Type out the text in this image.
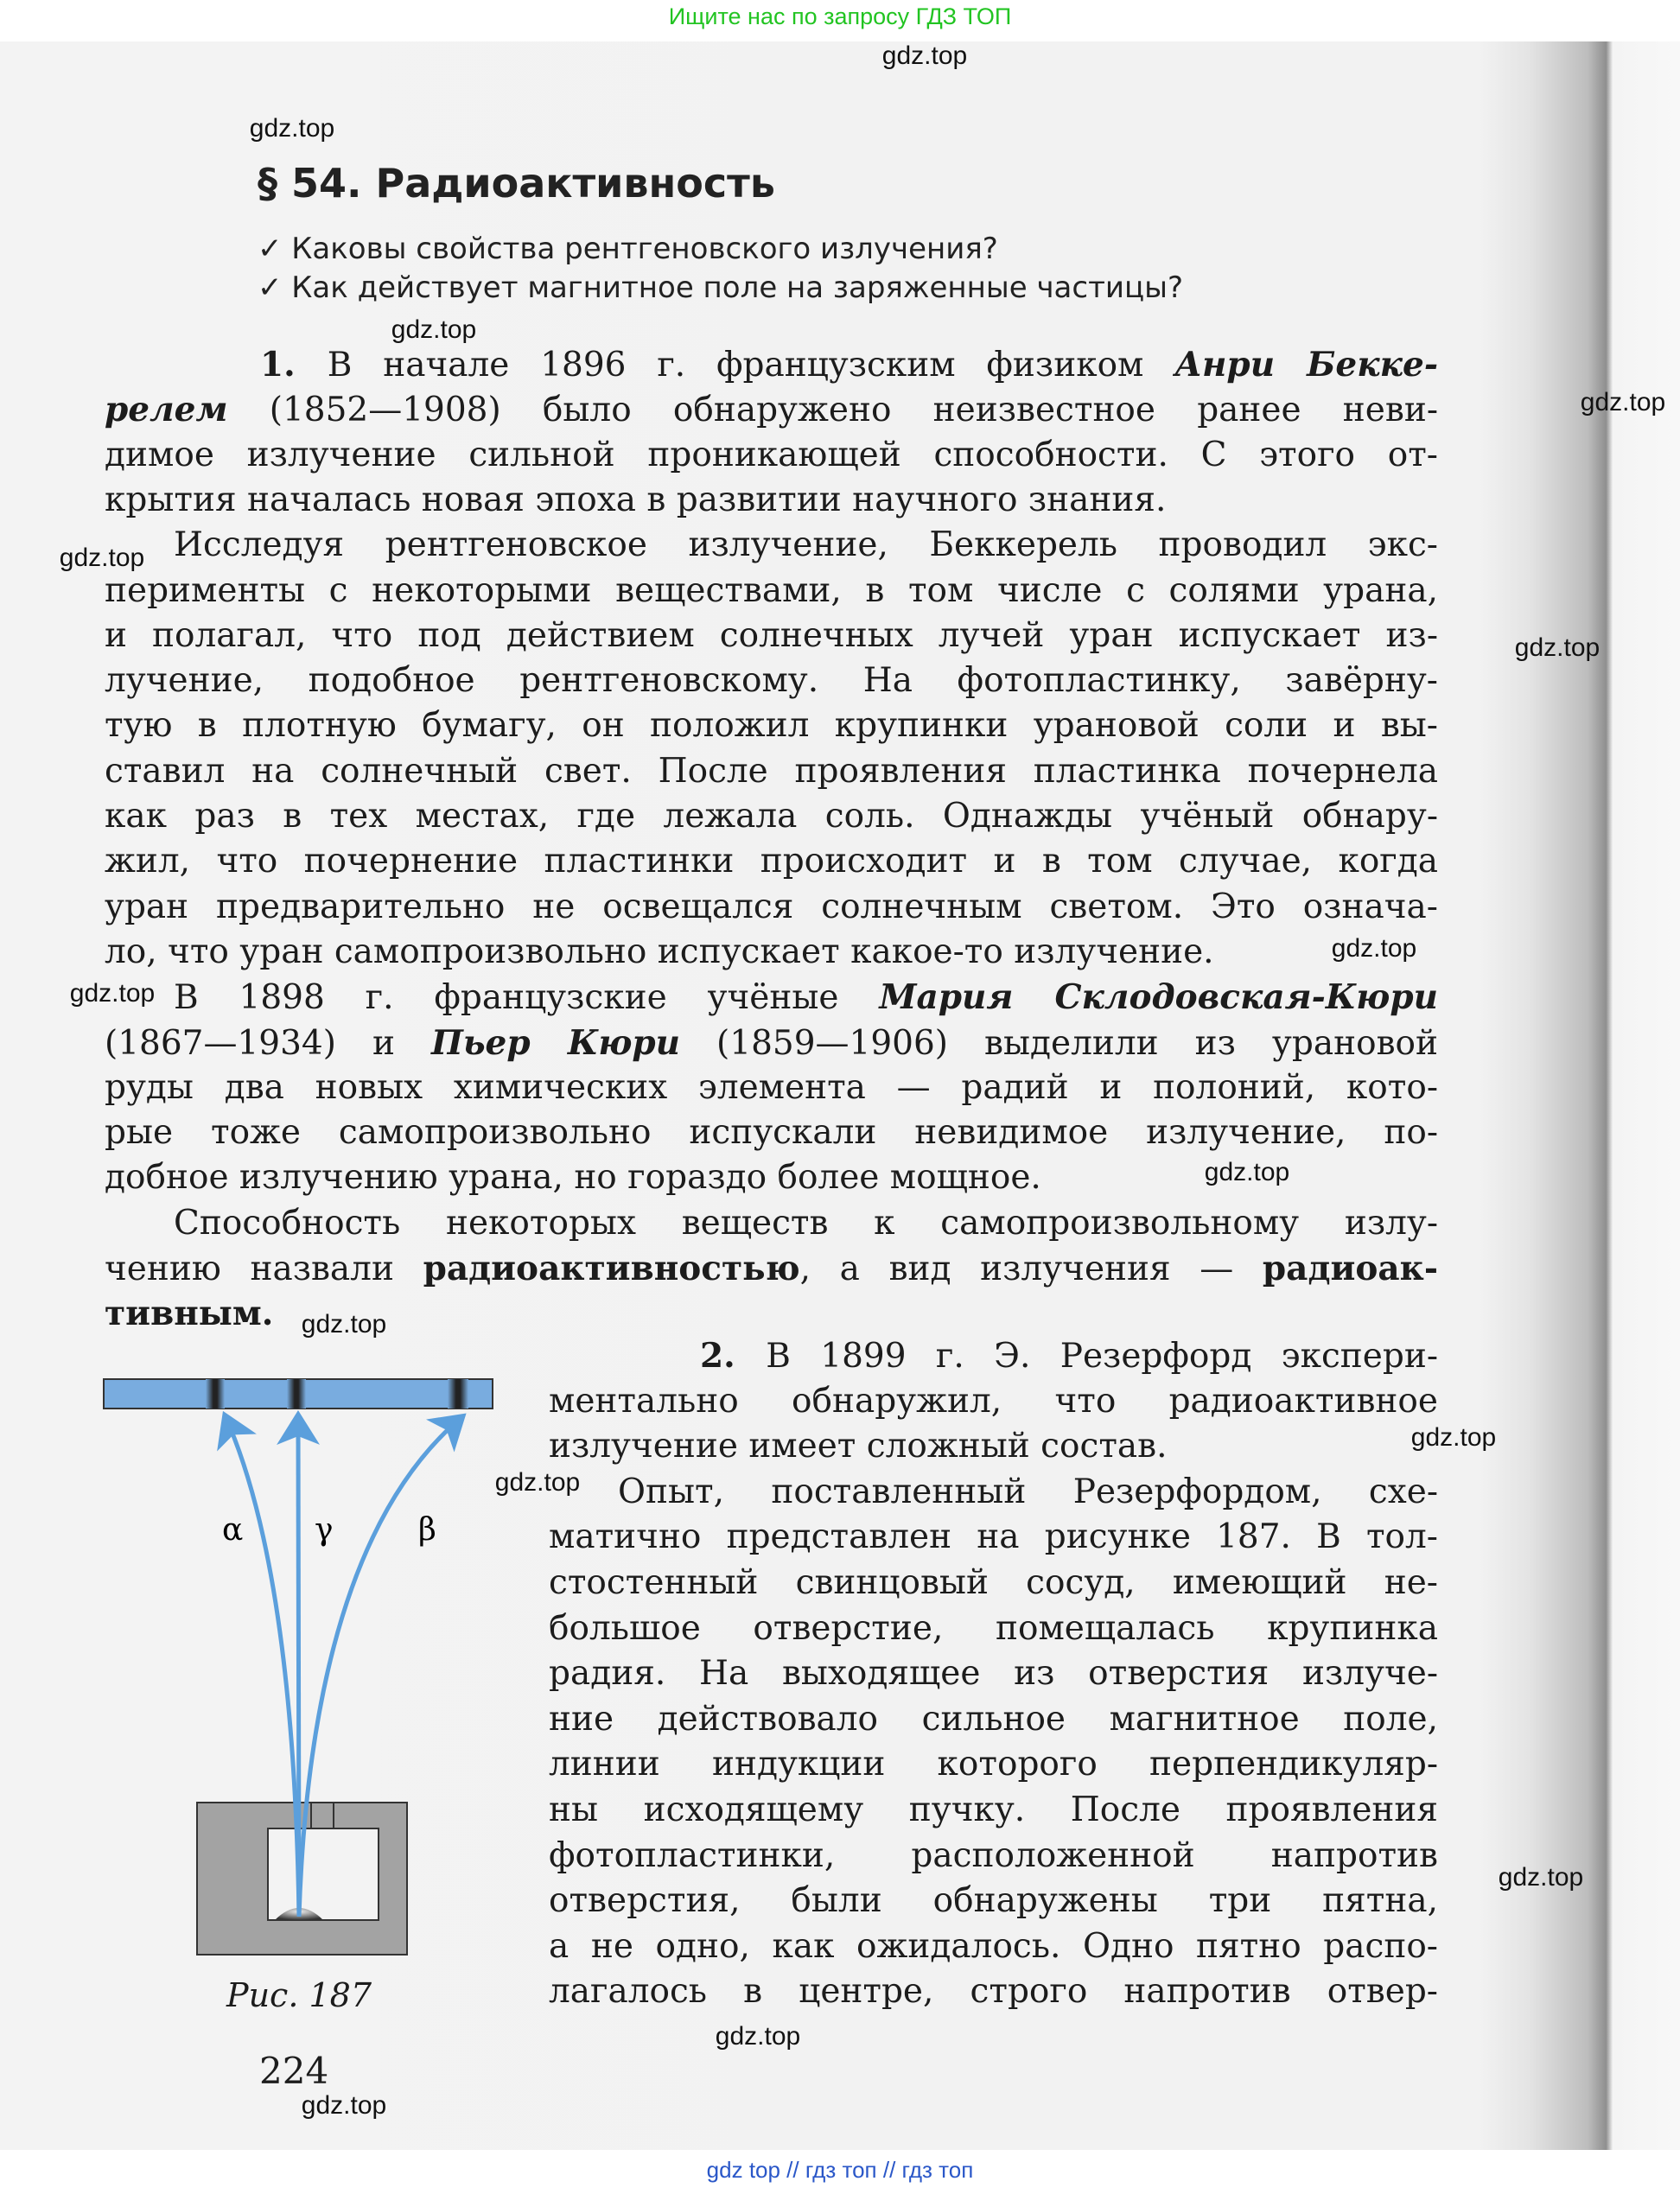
Ищите нас по запросу ГДЗ ТОП
§ 54. Радиоактивность
✓ Каковы свойства рентгеновского излучения?
✓ Как действует магнитное поле на заряженные частицы?
1. В начале 1896 г. французским физиком Анри Бекке-
релем (1852—1908) было обнаружено неизвестное ранее неви-
димое излучение сильной проникающей способности. С этого от-
крытия началась новая эпоха в развитии научного знания.
Исследуя рентгеновское излучение, Беккерель проводил экс-
перименты с некоторыми веществами, в том числе с солями урана,
и полагал, что под действием солнечных лучей уран испускает из-
лучение, подобное рентгеновскому. На фотопластинку, завёрну-
тую в плотную бумагу, он положил крупинки урановой соли и вы-
ставил на солнечный свет. После проявления пластинка почернела
как раз в тех местах, где лежала соль. Однажды учёный обнару-
жил, что почернение пластинки происходит и в том случае, когда
уран предварительно не освещался солнечным светом. Это означа-
ло, что уран самопроизвольно испускает какое-то излучение.
В 1898 г. французские учёные Мария Склодовская-Кюри
(1867—1934) и Пьер Кюри (1859—1906) выделили из урановой
руды два новых химических элемента — радий и полоний, кото-
рые тоже самопроизвольно испускали невидимое излучение, по-
добное излучению урана, но гораздо более мощное.
Способность некоторых веществ к самопроизвольному излу-
чению назвали радиоактивностью, а вид излучения — радиоак-
тивным.
2. В 1899 г. Э. Резерфорд экспери-
ментально обнаружил, что радиоактивное
излучение имеет сложный состав.
Опыт, поставленный Резерфордом, схе-
матично представлен на рисунке 187. В тол-
стостенный свинцовый сосуд, имеющий не-
большое отверстие, помещалась крупинка
радия. На выходящее из отверстия излуче-
ние действовало сильное магнитное поле,
линии индукции которого перпендикуляр-
ны исходящему пучку. После проявления
фотопластинки, расположенной напротив
отверстия, были обнаружены три пятна,
а не одно, как ожидалось. Одно пятно распо-
лагалось в центре, строго напротив отвер-
α γ	β
Рис. 187
224
gdz.top
gdz.top
gdz.top
gdz.top
gdz.top
gdz.top
gdz.top
gdz.top
gdz.top
gdz.top
gdz.top
gdz.top
gdz.top
gdz.top
gdz.top
gdz top // гдз топ // гдз топ
